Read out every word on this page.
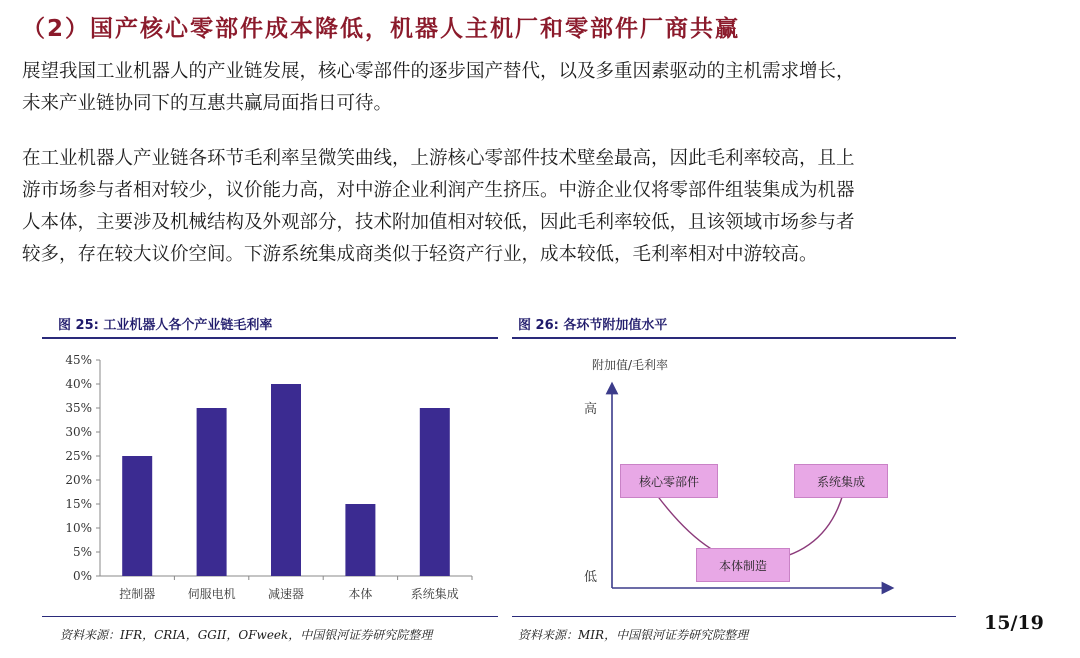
（2）国产核心零部件成本降低，机器人主机厂和零部件厂商共赢
展望我国工业机器人的产业链发展，核心零部件的逐步国产替代，以及多重因素驱动的主机需求增长，
未来产业链协同下的互惠共赢局面指日可待。
在工业机器人产业链各环节毛利率呈微笑曲线，上游核心零部件技术壁垒最高，因此毛利率较高，且上
游市场参与者相对较少，议价能力高，对中游企业利润产生挤压。中游企业仅将零部件组装集成为机器
人本体，主要涉及机械结构及外观部分，技术附加值相对较低，因此毛利率较低，且该领域市场参与者
较多，存在较大议价空间。下游系统集成商类似于轻资产行业，成本较低，毛利率相对中游较高。
图 25: 工业机器人各个产业链毛利率	图 26: 各环节附加值水平
0%
5%
10%
15%
20%
25%
30%
35%
40%
45%
控制器	伺服电机	减速器	本体	系统集成
附加值/毛利率
高
低
核心零部件	系统集成
本体制造
资料来源：IFR，CRIA，GGII，OFweek，中国银河证券研究院整理	资料来源：MIR，中国银河证券研究院整理
15/19
